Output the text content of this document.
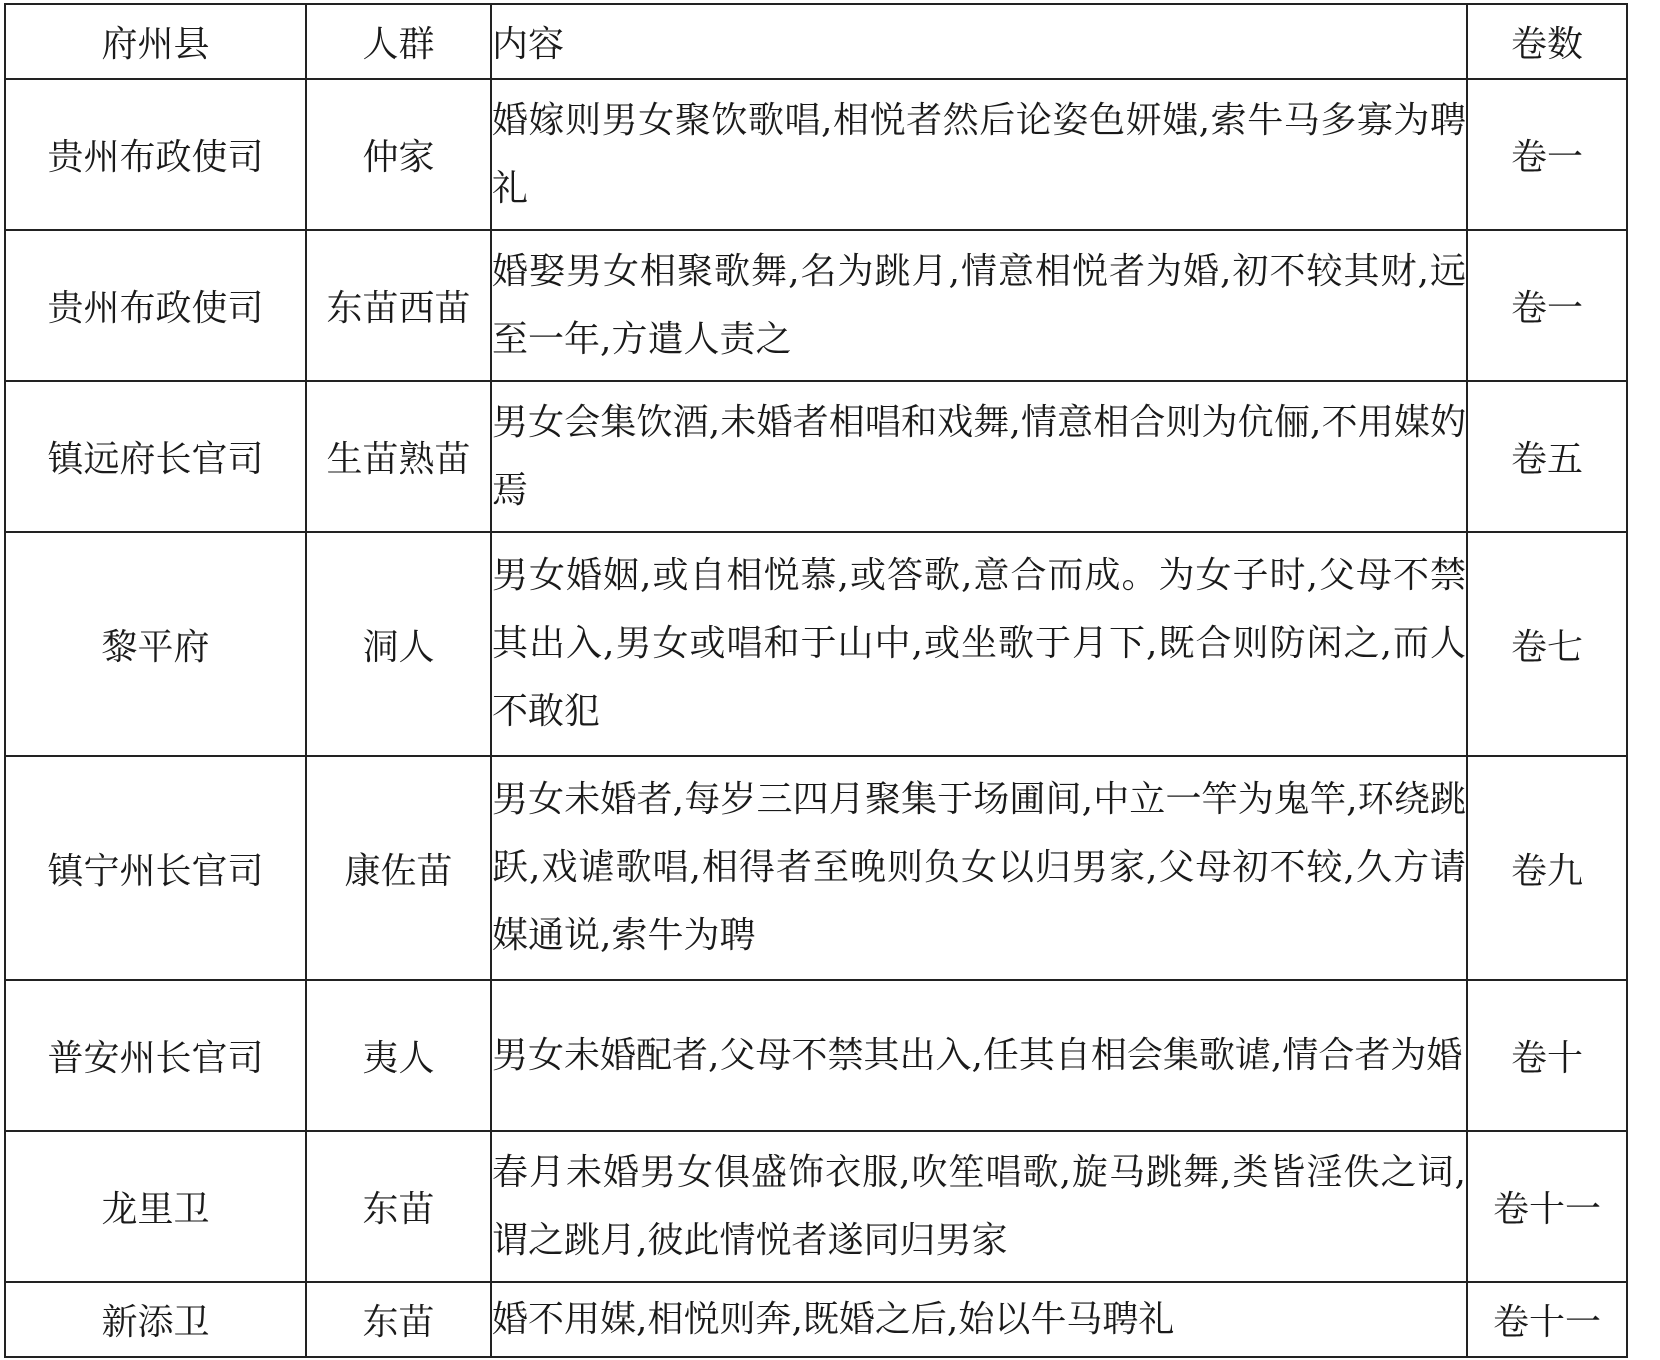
府州县	人群	内容	卷数
贵州布政使司	仲家	婚嫁则男女聚饮歌唱,相悦者然后论姿色妍媸,索牛马多寡为聘礼	卷一
贵州布政使司	东苗西苗	婚娶男女相聚歌舞,名为跳月,情意相悦者为婚,初不较其财,远至一年,方遣人责之	卷一
镇远府长官司	生苗熟苗	男女会集饮酒,未婚者相唱和戏舞,情意相合则为伉俪,不用媒妁焉	卷五
黎平府	洞人	男女婚姻,或自相悦慕,或答歌,意合而成。为女子时,父母不禁其出入,男女或唱和于山中,或坐歌于月下,既合则防闲之,而人不敢犯	卷七
镇宁州长官司	康佐苗	男女未婚者,每岁三四月聚集于场圃间,中立一竿为鬼竿,环绕跳跃,戏谑歌唱,相得者至晚则负女以归男家,父母初不较,久方请媒通说,索牛为聘	卷九
普安州长官司	夷人	男女未婚配者,父母不禁其出入,任其自相会集歌谑,情合者为婚	卷十
龙里卫	东苗	春月未婚男女俱盛饰衣服,吹笙唱歌,旋马跳舞,类皆淫佚之词,谓之跳月,彼此情悦者遂同归男家	卷十一
新添卫	东苗	婚不用媒,相悦则奔,既婚之后,始以牛马聘礼	卷十一
